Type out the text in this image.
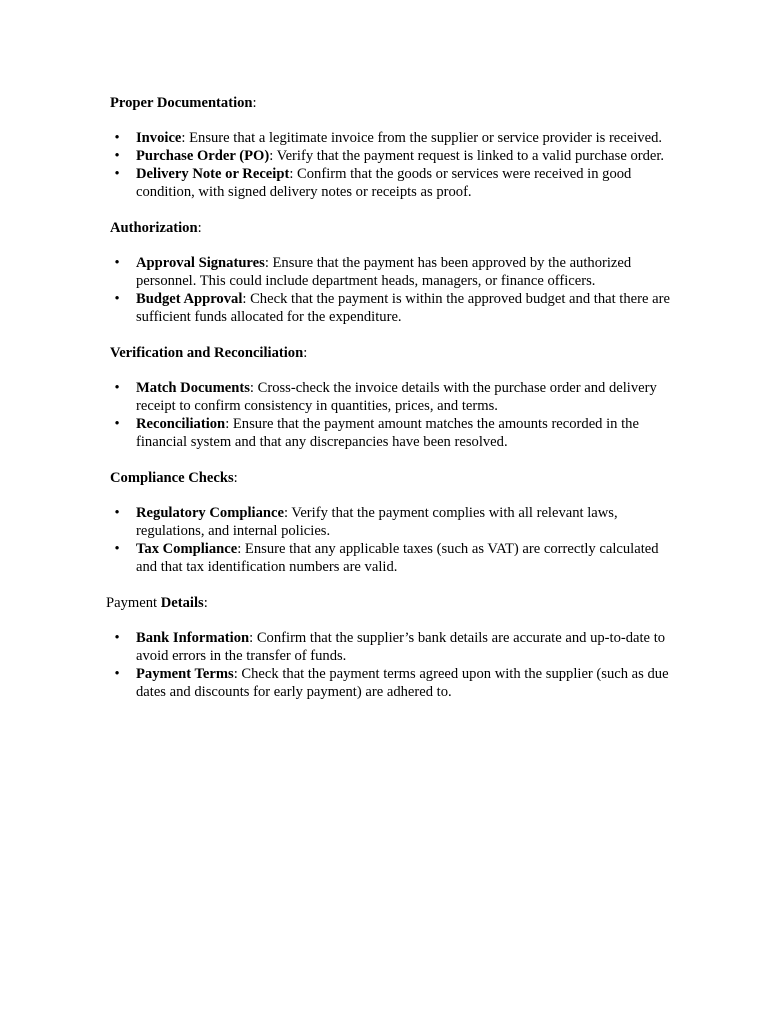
Proper Documentation:
• Invoice: Ensure that a legitimate invoice from the supplier or service provider is received.
• Purchase Order (PO): Verify that the payment request is linked to a valid purchase order.
• Delivery Note or Receipt: Confirm that the goods or services were received in good condition, with signed delivery notes or receipts as proof.
Authorization:
• Approval Signatures: Ensure that the payment has been approved by the authorized personnel. This could include department heads, managers, or finance officers.
• Budget Approval: Check that the payment is within the approved budget and that there are sufficient funds allocated for the expenditure.
Verification and Reconciliation:
• Match Documents: Cross-check the invoice details with the purchase order and delivery receipt to confirm consistency in quantities, prices, and terms.
• Reconciliation: Ensure that the payment amount matches the amounts recorded in the financial system and that any discrepancies have been resolved.
Compliance Checks:
• Regulatory Compliance: Verify that the payment complies with all relevant laws, regulations, and internal policies.
• Tax Compliance: Ensure that any applicable taxes (such as VAT) are correctly calculated and that tax identification numbers are valid.
Payment Details:
• Bank Information: Confirm that the supplier’s bank details are accurate and up-to-date to avoid errors in the transfer of funds.
• Payment Terms: Check that the payment terms agreed upon with the supplier (such as due dates and discounts for early payment) are adhered to.
